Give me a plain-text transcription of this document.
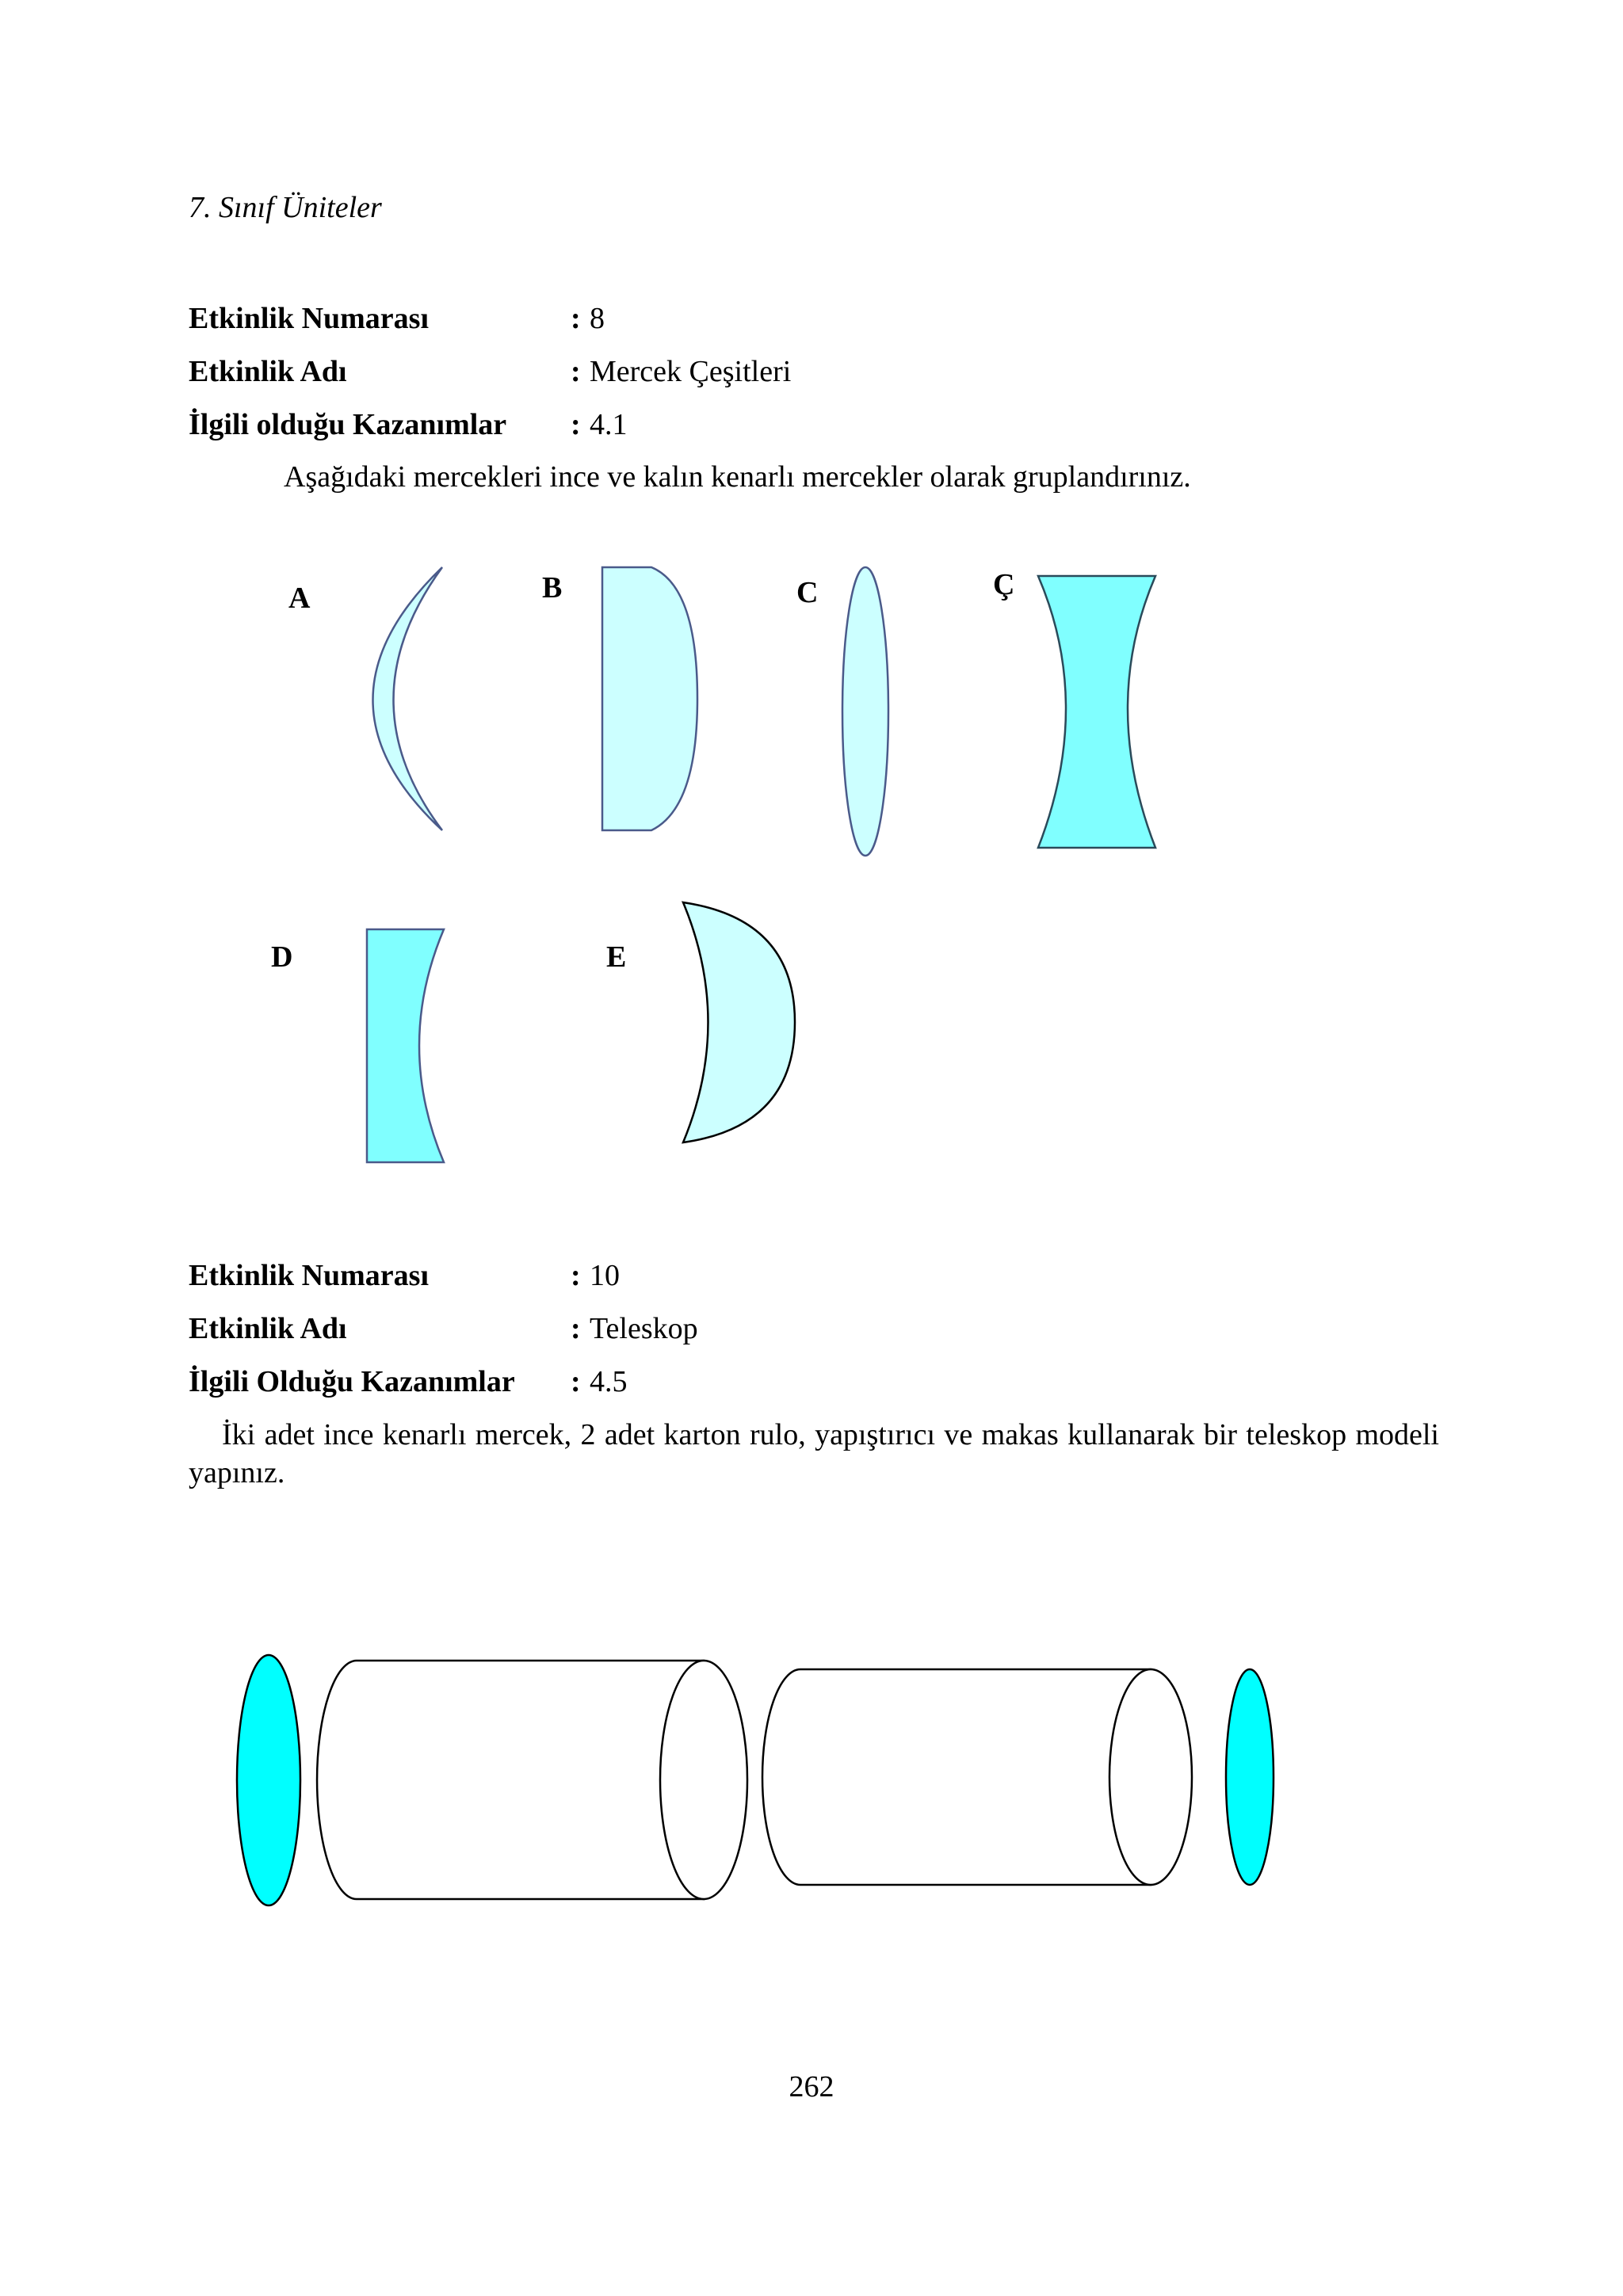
7. Sınıf Üniteler
Etkinlik Numarası	: 8
Etkinlik Adı	: Mercek Çeşitleri
İlgili olduğu Kazanımlar : 4.1
Aşağıdaki mercekleri ince ve kalın kenarlı mercekler olarak gruplandırınız.
A	B	C	Ç
D	E
Etkinlik Numarası	: 10
Etkinlik Adı	: Teleskop
İlgili Olduğu Kazanımlar : 4.5
İki adet ince kenarlı mercek, 2 adet karton rulo, yapıştırıcı ve makas kullanarak bir teleskop modeli yapınız.
262
